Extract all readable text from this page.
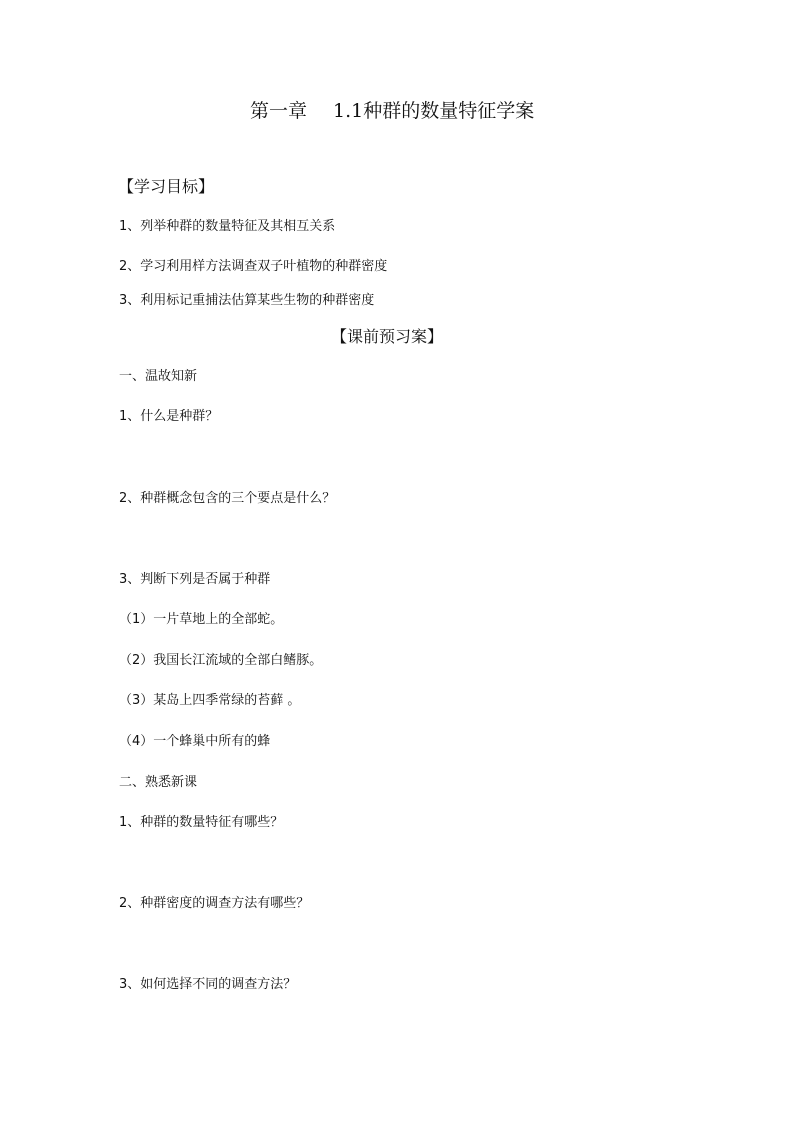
第一章 1.1种群的数量特征学案
【学习目标】
1、列举种群的数量特征及其相互关系
2、学习利用样方法调查双子叶植物的种群密度
3、利用标记重捕法估算某些生物的种群密度
【课前预习案】
一、温故知新
1、什么是种群？
2、种群概念包含的三个要点是什么？
3、判断下列是否属于种群
（1）一片草地上的全部蛇。
（2）我国长江流域的全部白鳍豚。
（3）某岛上四季常绿的苔藓 。
（4）一个蜂巢中所有的蜂
二、熟悉新课
1、种群的数量特征有哪些？
2、种群密度的调查方法有哪些？
3、如何选择不同的调查方法？
